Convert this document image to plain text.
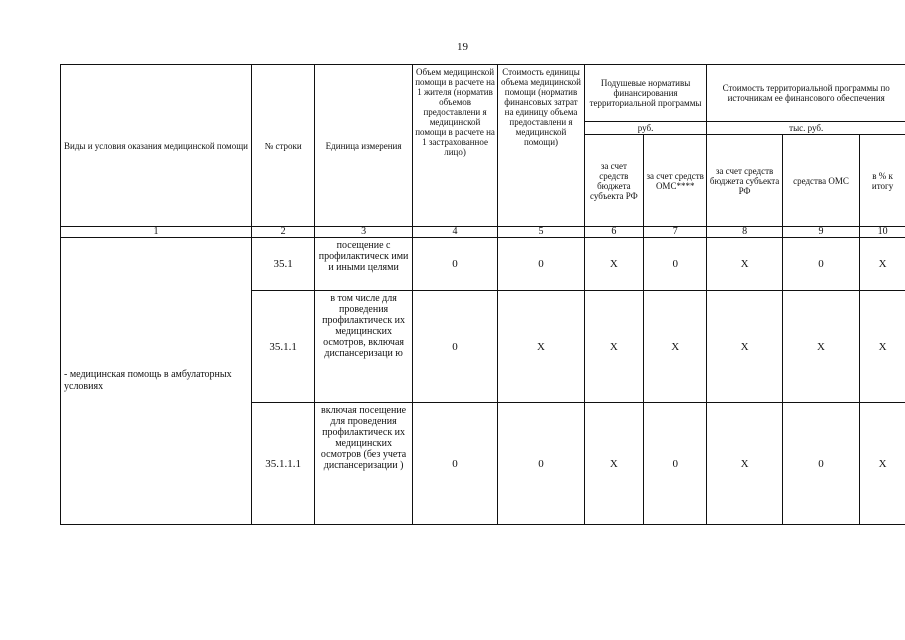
19
Виды и условия оказания медицинской помощи	№ строки	Единица измерения	Объем медицинской помощи в расчете на 1 жителя (норматив объемов предоставлени я медицинской помощи в расчете на 1 застрахованное лицо)	Стоимость единицы объема медицинской помощи (норматив финансовых затрат на единицу объема предоставлени я медицинской помощи)	Подушевые нормативы финансирования территориальной программы		Стоимость территориальной программы по источникам ее финансового обеспечения		
					руб.		тыс. руб.		
					за счет средств бюджета субъекта РФ	за счет средств ОМС****	за счет средств бюджета субъекта РФ	средства ОМС	в % к итогу
1	2	3	4	5	6	7	8	9	10
- медицинская помощь в амбулаторных условиях	35.1	посещение с профилактическ ими и иными целями	0	0	X	0	X	0	X
	35.1.1	в том числе для проведения профилактическ их медицинских осмотров, включая диспансеризаци ю	0	X	X	X	X	X	X
	35.1.1.1	включая посещение для проведения профилактическ их медицинских осмотров (без учета диспансеризации )	0	0	X	0	X	0	X
